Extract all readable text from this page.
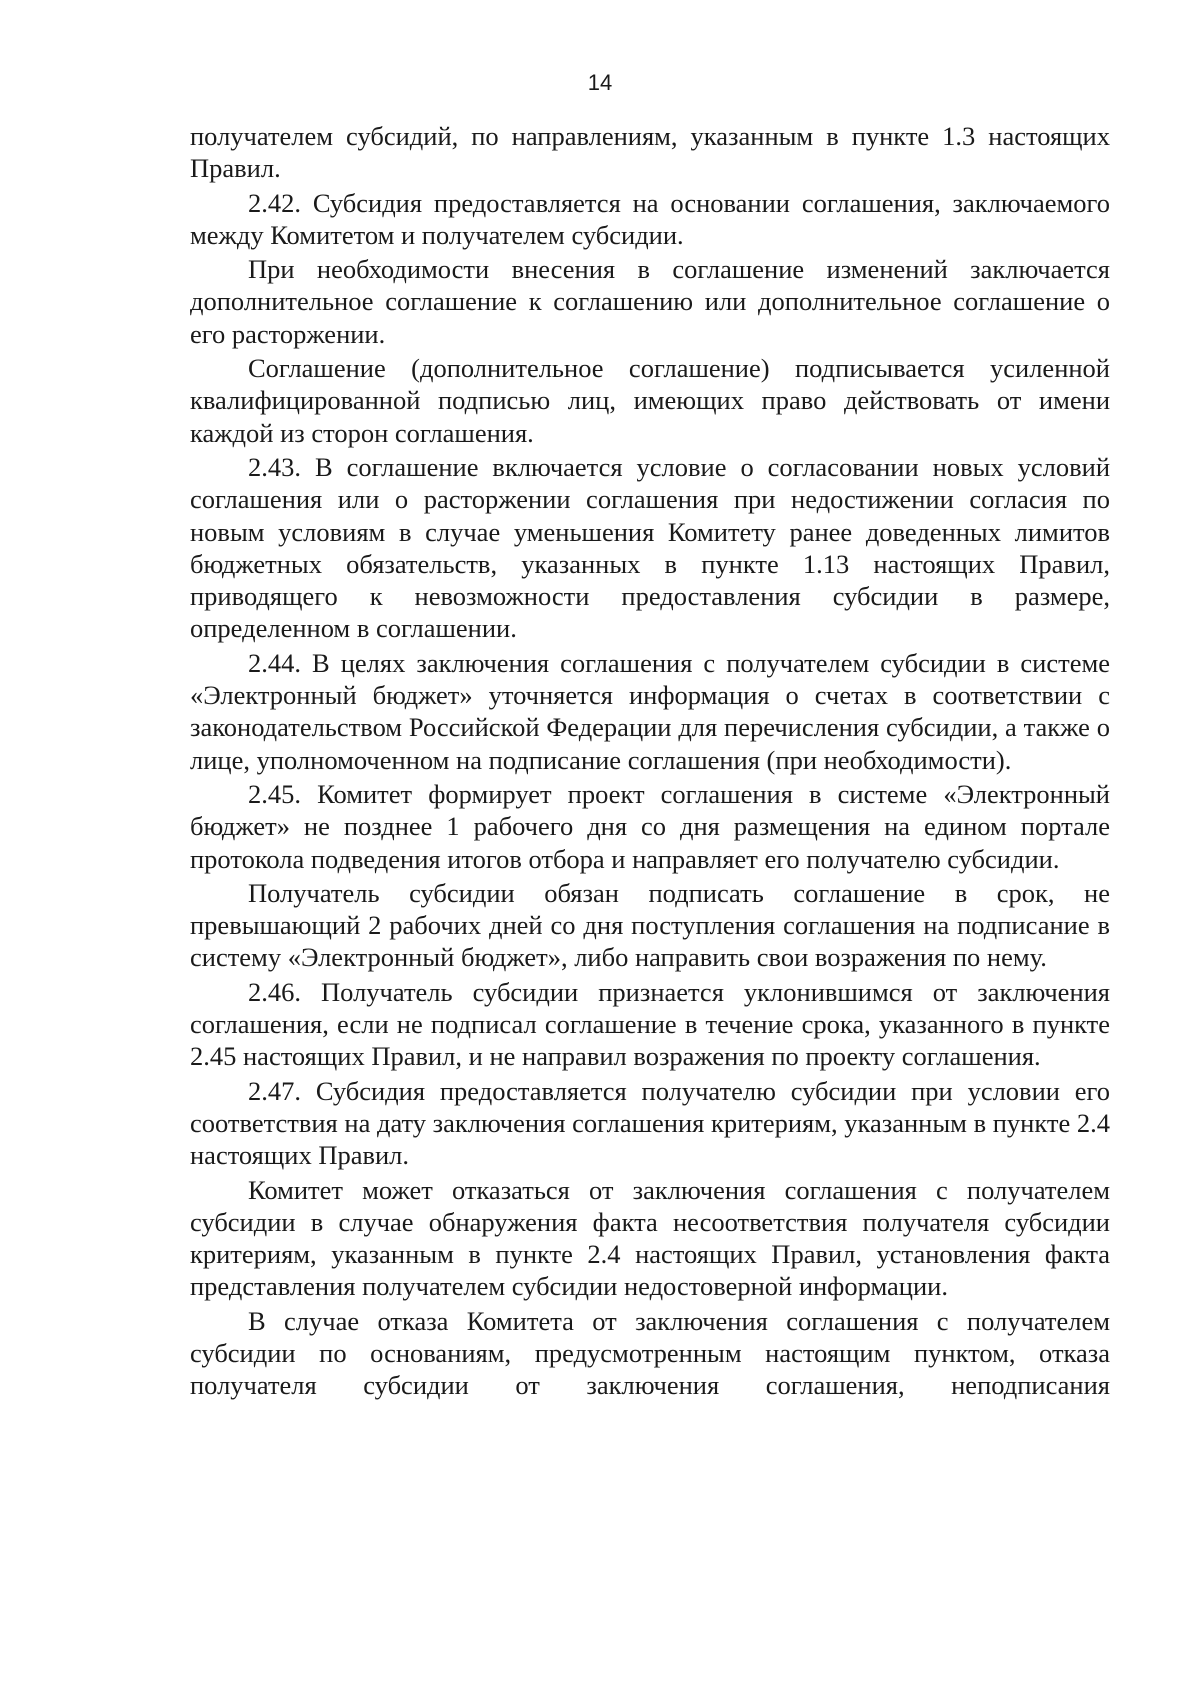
14

получателем субсидий, по направлениям, указанным в пункте 1.3 настоящих Правил.

2.42. Субсидия предоставляется на основании соглашения, заключаемого между Комитетом и получателем субсидии.

При необходимости внесения в соглашение изменений заключается дополнительное соглашение к соглашению или дополнительное соглашение о его расторжении.

Соглашение (дополнительное соглашение) подписывается усиленной квалифицированной подписью лиц, имеющих право действовать от имени каждой из сторон соглашения.

2.43. В соглашение включается условие о согласовании новых условий соглашения или о расторжении соглашения при недостижении согласия по новым условиям в случае уменьшения Комитету ранее доведенных лимитов бюджетных обязательств, указанных в пункте 1.13 настоящих Правил, приводящего к невозможности предоставления субсидии в размере, определенном в соглашении.

2.44. В целях заключения соглашения с получателем субсидии в системе «Электронный бюджет» уточняется информация о счетах в соответствии с законодательством Российской Федерации для перечисления субсидии, а также о лице, уполномоченном на подписание соглашения (при необходимости).

2.45. Комитет формирует проект соглашения в системе «Электронный бюджет» не позднее 1 рабочего дня со дня размещения на едином портале протокола подведения итогов отбора и направляет его получателю субсидии.

Получатель субсидии обязан подписать соглашение в срок, не превышающий 2 рабочих дней со дня поступления соглашения на подписание в систему «Электронный бюджет», либо направить свои возражения по нему.

2.46. Получатель субсидии признается уклонившимся от заключения соглашения, если не подписал соглашение в течение срока, указанного в пункте 2.45 настоящих Правил, и не направил возражения по проекту соглашения.

2.47. Субсидия предоставляется получателю субсидии при условии его соответствия на дату заключения соглашения критериям, указанным в пункте 2.4 настоящих Правил.

Комитет может отказаться от заключения соглашения с получателем субсидии в случае обнаружения факта несоответствия получателя субсидии критериям, указанным в пункте 2.4 настоящих Правил, установления факта представления получателем субсидии недостоверной информации.

В случае отказа Комитета от заключения соглашения с получателем субсидии по основаниям, предусмотренным настоящим пунктом, отказа получателя субсидии от заключения соглашения, неподписания
